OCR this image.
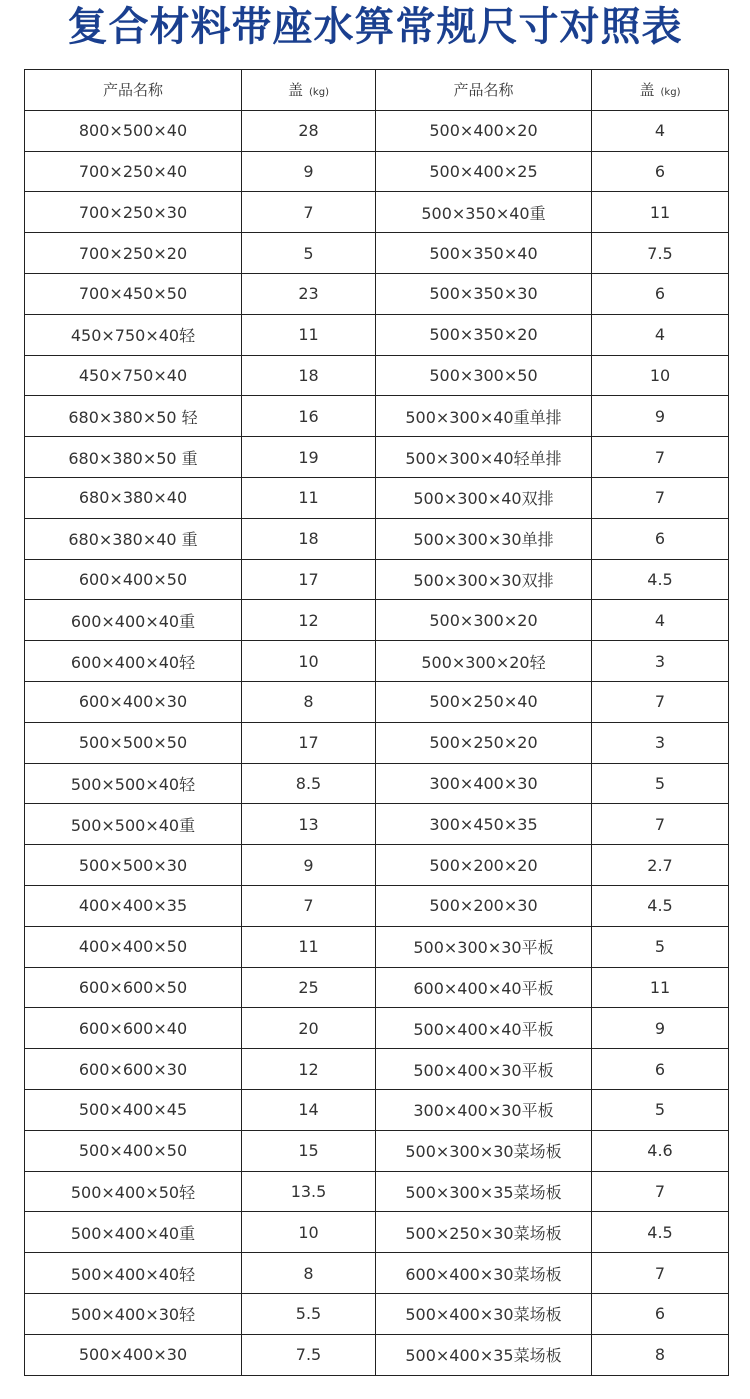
复合材料带座水箅常规尺寸对照表
产品名称	盖 (kg)	产品名称	盖 (kg)
800×500×40	28	500×400×20	4
700×250×40	9	500×400×25	6
700×250×30	7	500×350×40重	11
700×250×20	5	500×350×40	7.5
700×450×50	23	500×350×30	6
450×750×40轻	11	500×350×20	4
450×750×40	18	500×300×50	10
680×380×50 轻	16	500×300×40重单排	9
680×380×50 重	19	500×300×40轻单排	7
680×380×40	11	500×300×40双排	7
680×380×40 重	18	500×300×30单排	6
600×400×50	17	500×300×30双排	4.5
600×400×40重	12	500×300×20	4
600×400×40轻	10	500×300×20轻	3
600×400×30	8	500×250×40	7
500×500×50	17	500×250×20	3
500×500×40轻	8.5	300×400×30	5
500×500×40重	13	300×450×35	7
500×500×30	9	500×200×20	2.7
400×400×35	7	500×200×30	4.5
400×400×50	11	500×300×30平板	5
600×600×50	25	600×400×40平板	11
600×600×40	20	500×400×40平板	9
600×600×30	12	500×400×30平板	6
500×400×45	14	300×400×30平板	5
500×400×50	15	500×300×30菜场板	4.6
500×400×50轻	13.5	500×300×35菜场板	7
500×400×40重	10	500×250×30菜场板	4.5
500×400×40轻	8	600×400×30菜场板	7
500×400×30轻	5.5	500×400×30菜场板	6
500×400×30	7.5	500×400×35菜场板	8
